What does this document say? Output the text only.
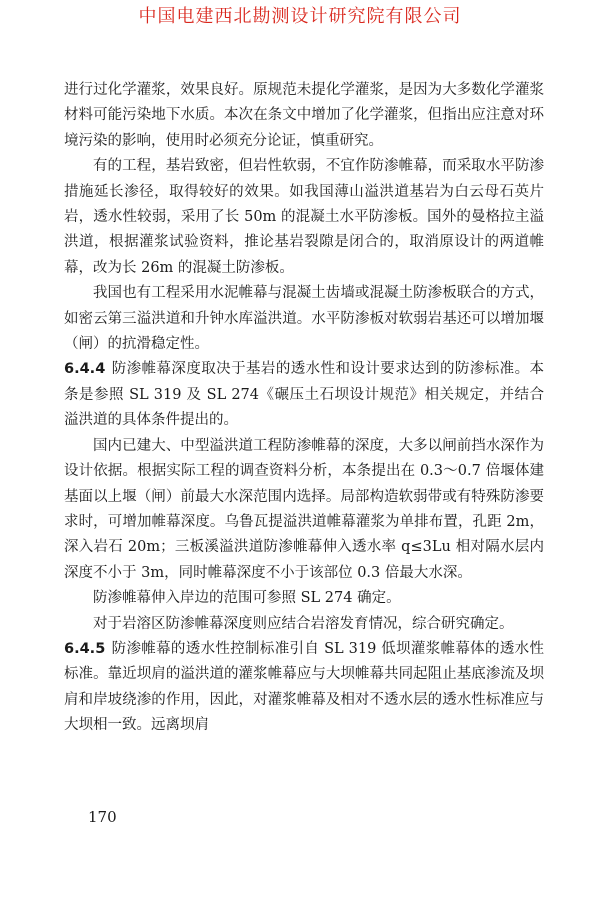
中国电建西北勘测设计研究院有限公司

进行过化学灌浆，效果良好。原规范未提化学灌浆，是因为大多数化学灌浆材料可能污染地下水质。本次在条文中增加了化学灌浆，但指出应注意对环境污染的影响，使用时必须充分论证，慎重研究。

有的工程，基岩致密，但岩性软弱，不宜作防渗帷幕，而采取水平防渗措施延长渗径，取得较好的效果。如我国薄山溢洪道基岩为白云母石英片岩，透水性较弱，采用了长 50m 的混凝土水平防渗板。国外的曼格拉主溢洪道，根据灌浆试验资料，推论基岩裂隙是闭合的，取消原设计的两道帷幕，改为长 26m 的混凝土防渗板。

我国也有工程采用水泥帷幕与混凝土齿墙或混凝土防渗板联合的方式，如密云第三溢洪道和升钟水库溢洪道。水平防渗板对软弱岩基还可以增加堰（闸）的抗滑稳定性。

6.4.4 防渗帷幕深度取决于基岩的透水性和设计要求达到的防渗标准。本条是参照 SL 319 及 SL 274《碾压土石坝设计规范》相关规定，并结合溢洪道的具体条件提出的。

国内已建大、中型溢洪道工程防渗帷幕的深度，大多以闸前挡水深作为设计依据。根据实际工程的调查资料分析，本条提出在 0.3～0.7 倍堰体建基面以上堰（闸）前最大水深范围内选择。局部构造软弱带或有特殊防渗要求时，可增加帷幕深度。乌鲁瓦提溢洪道帷幕灌浆为单排布置，孔距 2m，深入岩石 20m；三板溪溢洪道防渗帷幕伸入透水率 q≤3Lu 相对隔水层内深度不小于 3m，同时帷幕深度不小于该部位 0.3 倍最大水深。

防渗帷幕伸入岸边的范围可参照 SL 274 确定。

对于岩溶区防渗帷幕深度则应结合岩溶发育情况，综合研究确定。

6.4.5 防渗帷幕的透水性控制标准引自 SL 319 低坝灌浆帷幕体的透水性标准。靠近坝肩的溢洪道的灌浆帷幕应与大坝帷幕共同起阻止基底渗流及坝肩和岸坡绕渗的作用，因此，对灌浆帷幕及相对不透水层的透水性标准应与大坝相一致。远离坝肩

170
